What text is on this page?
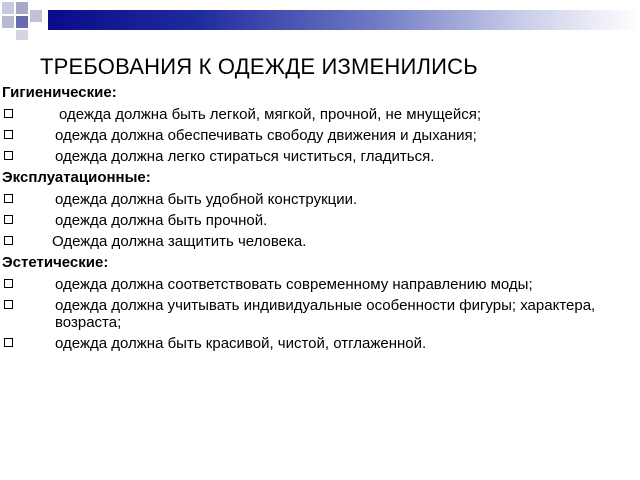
ТРЕБОВАНИЯ К ОДЕЖДЕ ИЗМЕНИЛИСЬ
Гигиенические:
одежда должна быть легкой, мягкой, прочной, не мнущейся;
одежда должна обеспечивать свободу движения и дыхания;
одежда должна легко стираться чиститься, гладиться.
Эксплуатационные:
одежда должна быть удобной конструкции.
одежда должна быть прочной.
Одежда должна защитить человека.
Эстетические:
одежда должна соответствовать современному направлению моды;
одежда должна учитывать индивидуальные особенности фигуры; характера, возраста;
одежда должна быть красивой, чистой, отглаженной.
